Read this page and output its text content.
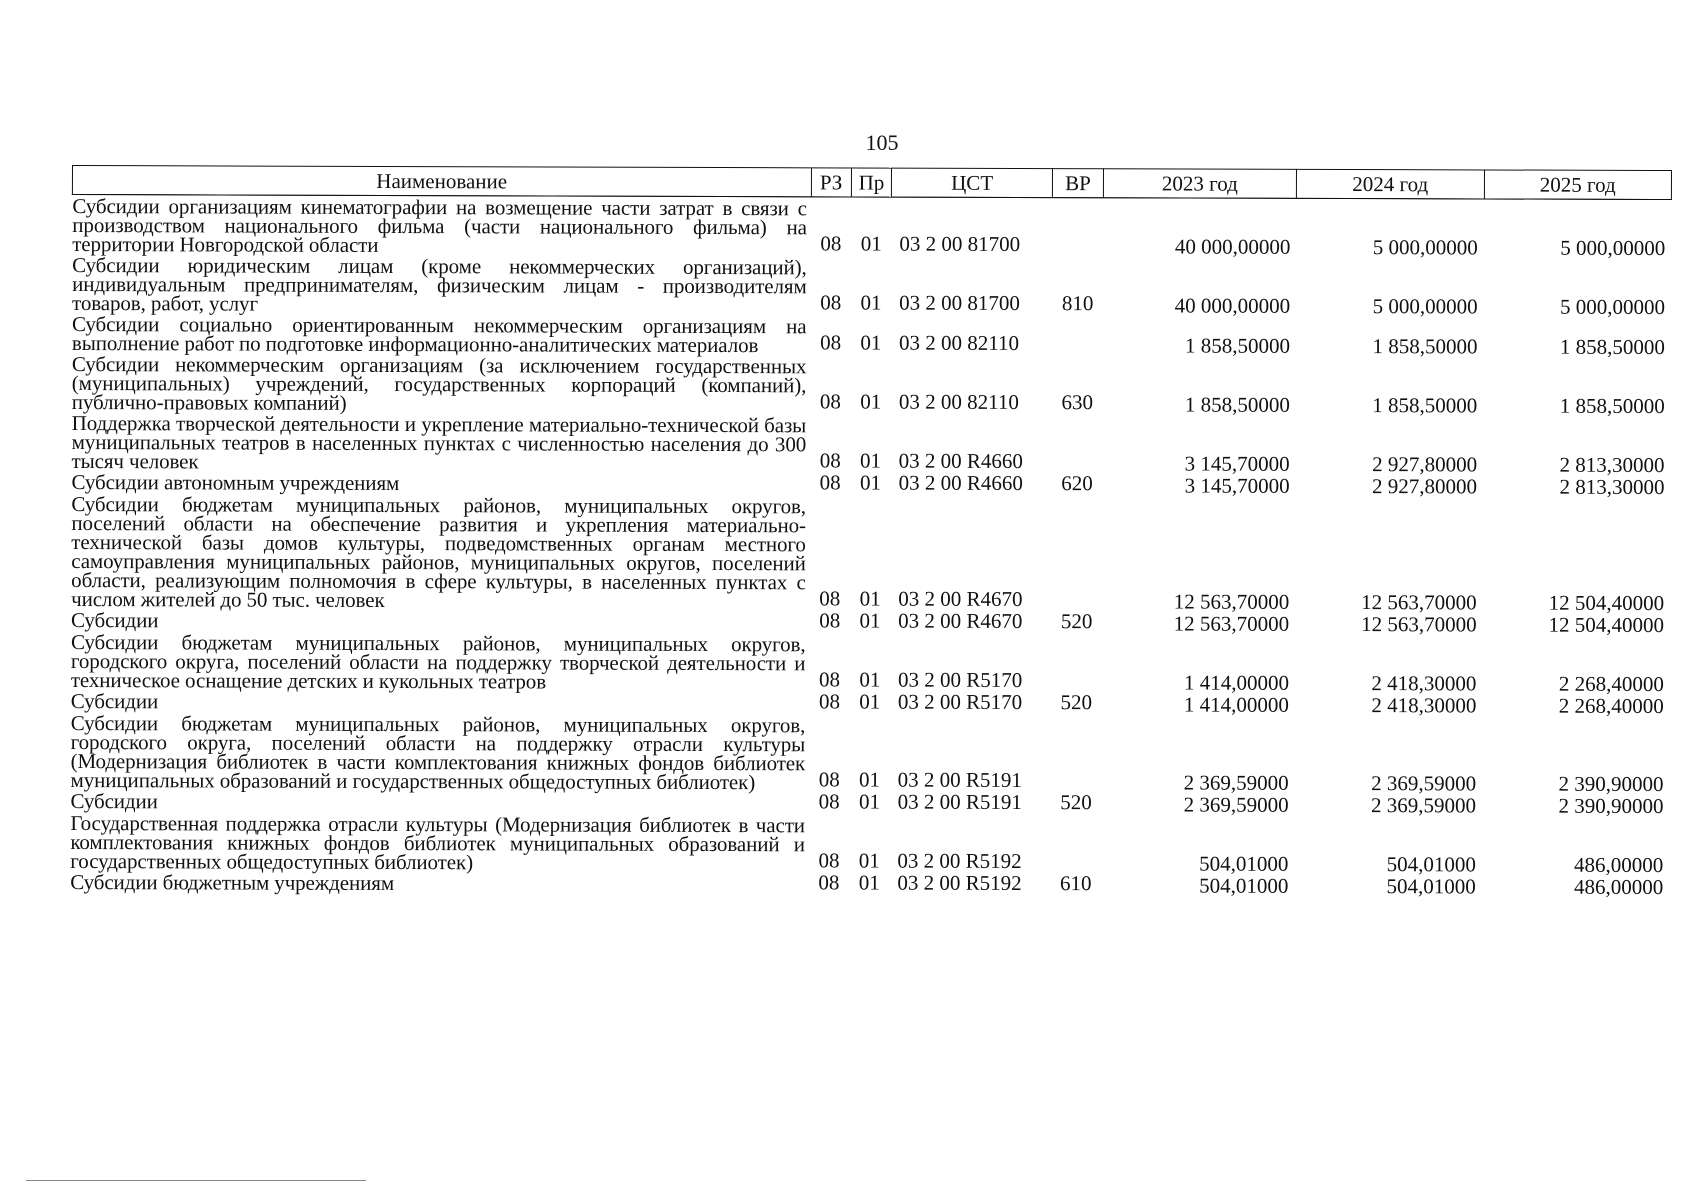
105
Наименование	РЗ	Пр	ЦСТ	ВР	2023 год	2024 год	2025 год
Субсидии организациям кинематографии на возмещение части затрат в связи с производством национального фильма (части национального фильма) на территории Новгородской области	08	01	03 2 00 81700		40 000,00000	5 000,00000	5 000,00000
Субсидии юридическим лицам (кроме некоммерческих организаций), индивидуальным предпринимателям, физическим лицам - производителям товаров, работ, услуг	08	01	03 2 00 81700	810	40 000,00000	5 000,00000	5 000,00000
Субсидии социально ориентированным некоммерческим организациям на выполнение работ по подготовке информационно-аналитических материалов	08	01	03 2 00 82110		1 858,50000	1 858,50000	1 858,50000
Субсидии некоммерческим организациям (за исключением государственных (муниципальных) учреждений, государственных корпораций (компаний), публично-правовых компаний)	08	01	03 2 00 82110	630	1 858,50000	1 858,50000	1 858,50000
Поддержка творческой деятельности и укрепление материально-технической базы муниципальных театров в населенных пунктах с численностью населения до 300 тысяч человек	08	01	03 2 00 R4660		3 145,70000	2 927,80000	2 813,30000
Субсидии автономным учреждениям	08	01	03 2 00 R4660	620	3 145,70000	2 927,80000	2 813,30000
Субсидии бюджетам муниципальных районов, муниципальных округов, поселений области на обеспечение развития и укрепления материально-технической базы домов культуры, подведомственных органам местного самоуправления муниципальных районов, муниципальных округов, поселений области, реализующим полномочия в сфере культуры, в населенных пунктах с числом жителей до 50 тыс. человек	08	01	03 2 00 R4670		12 563,70000	12 563,70000	12 504,40000
Субсидии	08	01	03 2 00 R4670	520	12 563,70000	12 563,70000	12 504,40000
Субсидии бюджетам муниципальных районов, муниципальных округов, городского округа, поселений области на поддержку творческой деятельности и техническое оснащение детских и кукольных театров	08	01	03 2 00 R5170		1 414,00000	2 418,30000	2 268,40000
Субсидии	08	01	03 2 00 R5170	520	1 414,00000	2 418,30000	2 268,40000
Субсидии бюджетам муниципальных районов, муниципальных округов, городского округа, поселений области на поддержку отрасли культуры (Модернизация библиотек в части комплектования книжных фондов библиотек муниципальных образований и государственных общедоступных библиотек)	08	01	03 2 00 R5191		2 369,59000	2 369,59000	2 390,90000
Субсидии	08	01	03 2 00 R5191	520	2 369,59000	2 369,59000	2 390,90000
Государственная поддержка отрасли культуры (Модернизация библиотек в части комплектования книжных фондов библиотек муниципальных образований и государственных общедоступных библиотек)	08	01	03 2 00 R5192		504,01000	504,01000	486,00000
Субсидии бюджетным учреждениям	08	01	03 2 00 R5192	610	504,01000	504,01000	486,00000
